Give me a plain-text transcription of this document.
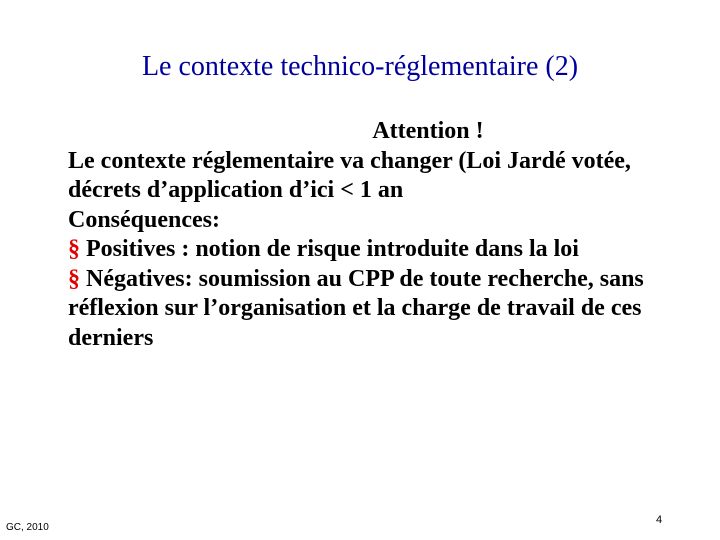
Le contexte technico-réglementaire (2)

Attention !

Le contexte réglementaire va changer (Loi Jardé votée, décrets d’application d’ici < 1 an

Conséquences:

§ Positives : notion de risque introduite dans la loi

§ Négatives: soumission au CPP de toute recherche, sans réflexion sur l’organisation et la charge de travail de ces derniers

GC, 2010
4
